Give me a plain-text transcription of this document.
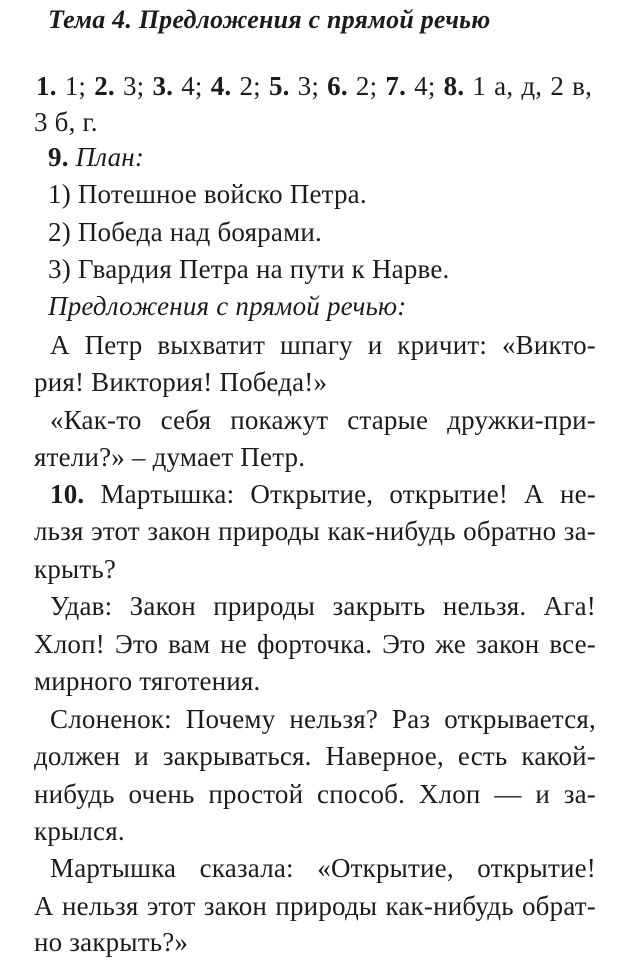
Тема 4. Предложения с прямой речью
1. 1; 2. 3; 3. 4; 4. 2; 5. 3; 6. 2; 7. 4; 8. 1 а, д, 2 в,
3 б, г.
9. План:
1) Потешное войско Петра.
2) Победа над боярами.
3) Гвардия Петра на пути к Нарве.
Предложения с прямой речью:
А Петр выхватит шпагу и кричит: «Викто-
рия! Виктория! Победа!»
«Как-то себя покажут старые дружки-при-
ятели?» – думает Петр.
10. Мартышка: Открытие, открытие! А не-
льзя этот закон природы как-нибудь обратно за-
крыть?
Удав: Закон природы закрыть нельзя. Ага!
Хлоп! Это вам не форточка. Это же закон все-
мирного тяготения.
Слоненок: Почему нельзя? Раз открывается,
должен и закрываться. Наверное, есть какой-
нибудь очень простой способ. Хлоп — и за-
крылся.
Мартышка сказала: «Открытие, открытие!
А нельзя этот закон природы как-нибудь обрат-
но закрыть?»
